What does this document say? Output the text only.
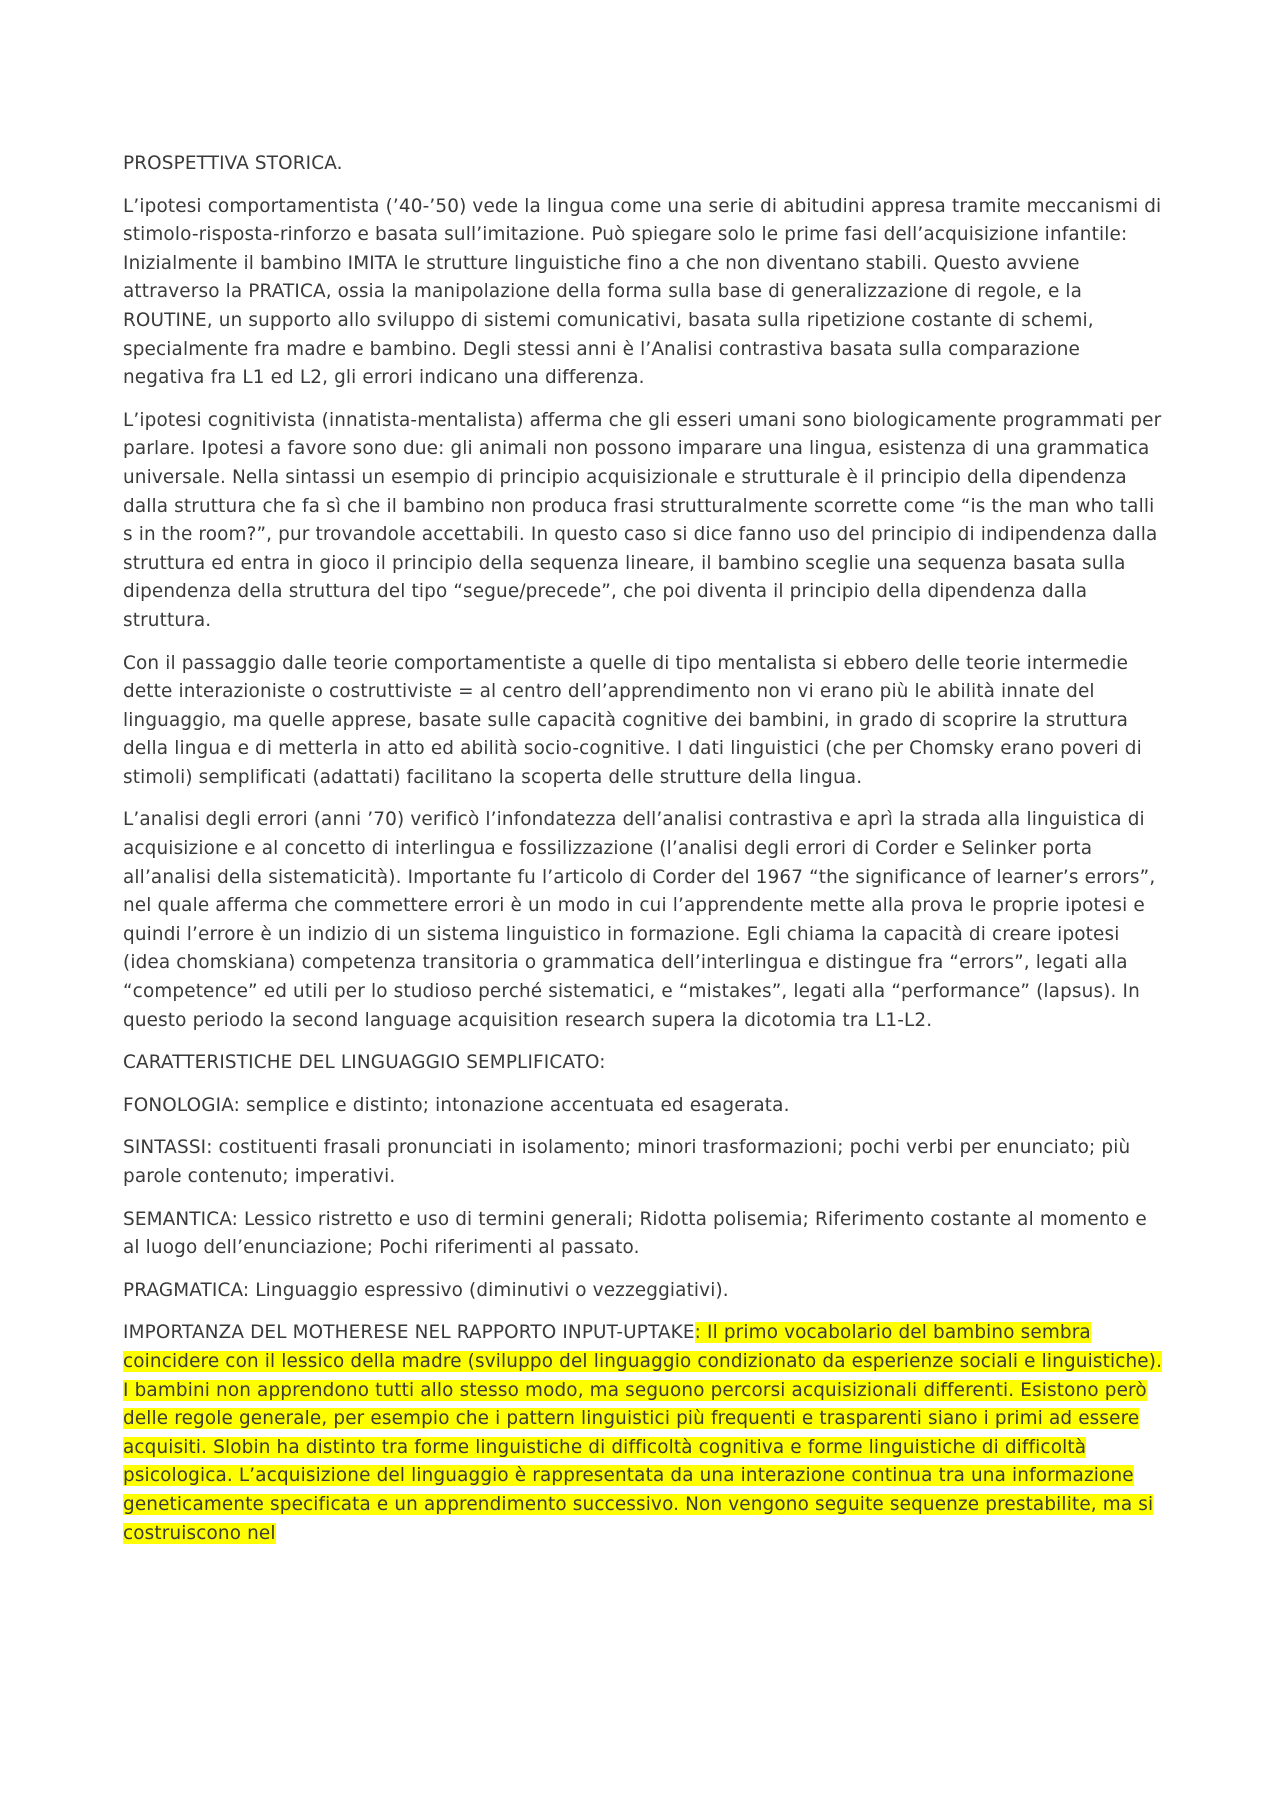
PROSPETTIVA STORICA.

L’ipotesi comportamentista (’40-’50) vede la lingua come una serie di abitudini appresa tramite meccanismi di stimolo-risposta-rinforzo e basata sull’imitazione. Può spiegare solo le prime fasi dell’acquisizione infantile: Inizialmente il bambino IMITA le strutture linguistiche fino a che non diventano stabili. Questo avviene attraverso la PRATICA, ossia la manipolazione della forma sulla base di generalizzazione di regole, e la ROUTINE, un supporto allo sviluppo di sistemi comunicativi, basata sulla ripetizione costante di schemi, specialmente fra madre e bambino. Degli stessi anni è l’Analisi contrastiva basata sulla comparazione negativa fra L1 ed L2, gli errori indicano una differenza.

L’ipotesi cognitivista (innatista-mentalista) afferma che gli esseri umani sono biologicamente programmati per parlare. Ipotesi a favore sono due: gli animali non possono imparare una lingua, esistenza di una grammatica universale. Nella sintassi un esempio di principio acquisizionale e strutturale è il principio della dipendenza dalla struttura che fa sì che il bambino non produca frasi strutturalmente scorrette come “is the man who talli s in the room?”, pur trovandole accettabili. In questo caso si dice fanno uso del principio di indipendenza dalla struttura ed entra in gioco il principio della sequenza lineare, il bambino sceglie una sequenza basata sulla dipendenza della struttura del tipo “segue/precede”, che poi diventa il principio della dipendenza dalla struttura.

Con il passaggio dalle teorie comportamentiste a quelle di tipo mentalista si ebbero delle teorie intermedie dette interazioniste o costruttiviste = al centro dell’apprendimento non vi erano più le abilità innate del linguaggio, ma quelle apprese, basate sulle capacità cognitive dei bambini, in grado di scoprire la struttura della lingua e di metterla in atto ed abilità socio-cognitive. I dati linguistici (che per Chomsky erano poveri di stimoli) semplificati (adattati) facilitano la scoperta delle strutture della lingua.

L’analisi degli errori (anni ’70) verificò l’infondatezza dell’analisi contrastiva e aprì la strada alla linguistica di acquisizione e al concetto di interlingua e fossilizzazione (l’analisi degli errori di Corder e Selinker porta all’analisi della sistematicità). Importante fu l’articolo di Corder del 1967 “the significance of learner’s errors”, nel quale afferma che commettere errori è un modo in cui l’apprendente mette alla prova le proprie ipotesi e quindi l’errore è un indizio di un sistema linguistico in formazione. Egli chiama la capacità di creare ipotesi (idea chomskiana) competenza transitoria o grammatica dell’interlingua e distingue fra “errors”, legati alla “competence” ed utili per lo studioso perché sistematici, e “mistakes”, legati alla “performance” (lapsus). In questo periodo la second language acquisition research supera la dicotomia tra L1-L2.

CARATTERISTICHE DEL LINGUAGGIO SEMPLIFICATO:

FONOLOGIA: semplice e distinto; intonazione accentuata ed esagerata.

SINTASSI: costituenti frasali pronunciati in isolamento; minori trasformazioni; pochi verbi per enunciato; più parole contenuto; imperativi.

SEMANTICA: Lessico ristretto e uso di termini generali; Ridotta polisemia; Riferimento costante al momento e al luogo dell’enunciazione; Pochi riferimenti al passato.

PRAGMATICA: Linguaggio espressivo (diminutivi o vezzeggiativi).

IMPORTANZA DEL MOTHERESE NEL RAPPORTO INPUT-UPTAKE: Il primo vocabolario del bambino sembra coincidere con il lessico della madre (sviluppo del linguaggio condizionato da esperienze sociali e linguistiche). I bambini non apprendono tutti allo stesso modo, ma seguono percorsi acquisizionali differenti. Esistono però delle regole generale, per esempio che i pattern linguistici più frequenti e trasparenti siano i primi ad essere acquisiti. Slobin ha distinto tra forme linguistiche di difficoltà cognitiva e forme linguistiche di difficoltà psicologica. L’acquisizione del linguaggio è rappresentata da una interazione continua tra una informazione geneticamente specificata e un apprendimento successivo. Non vengono seguite sequenze prestabilite, ma si costruiscono nel
